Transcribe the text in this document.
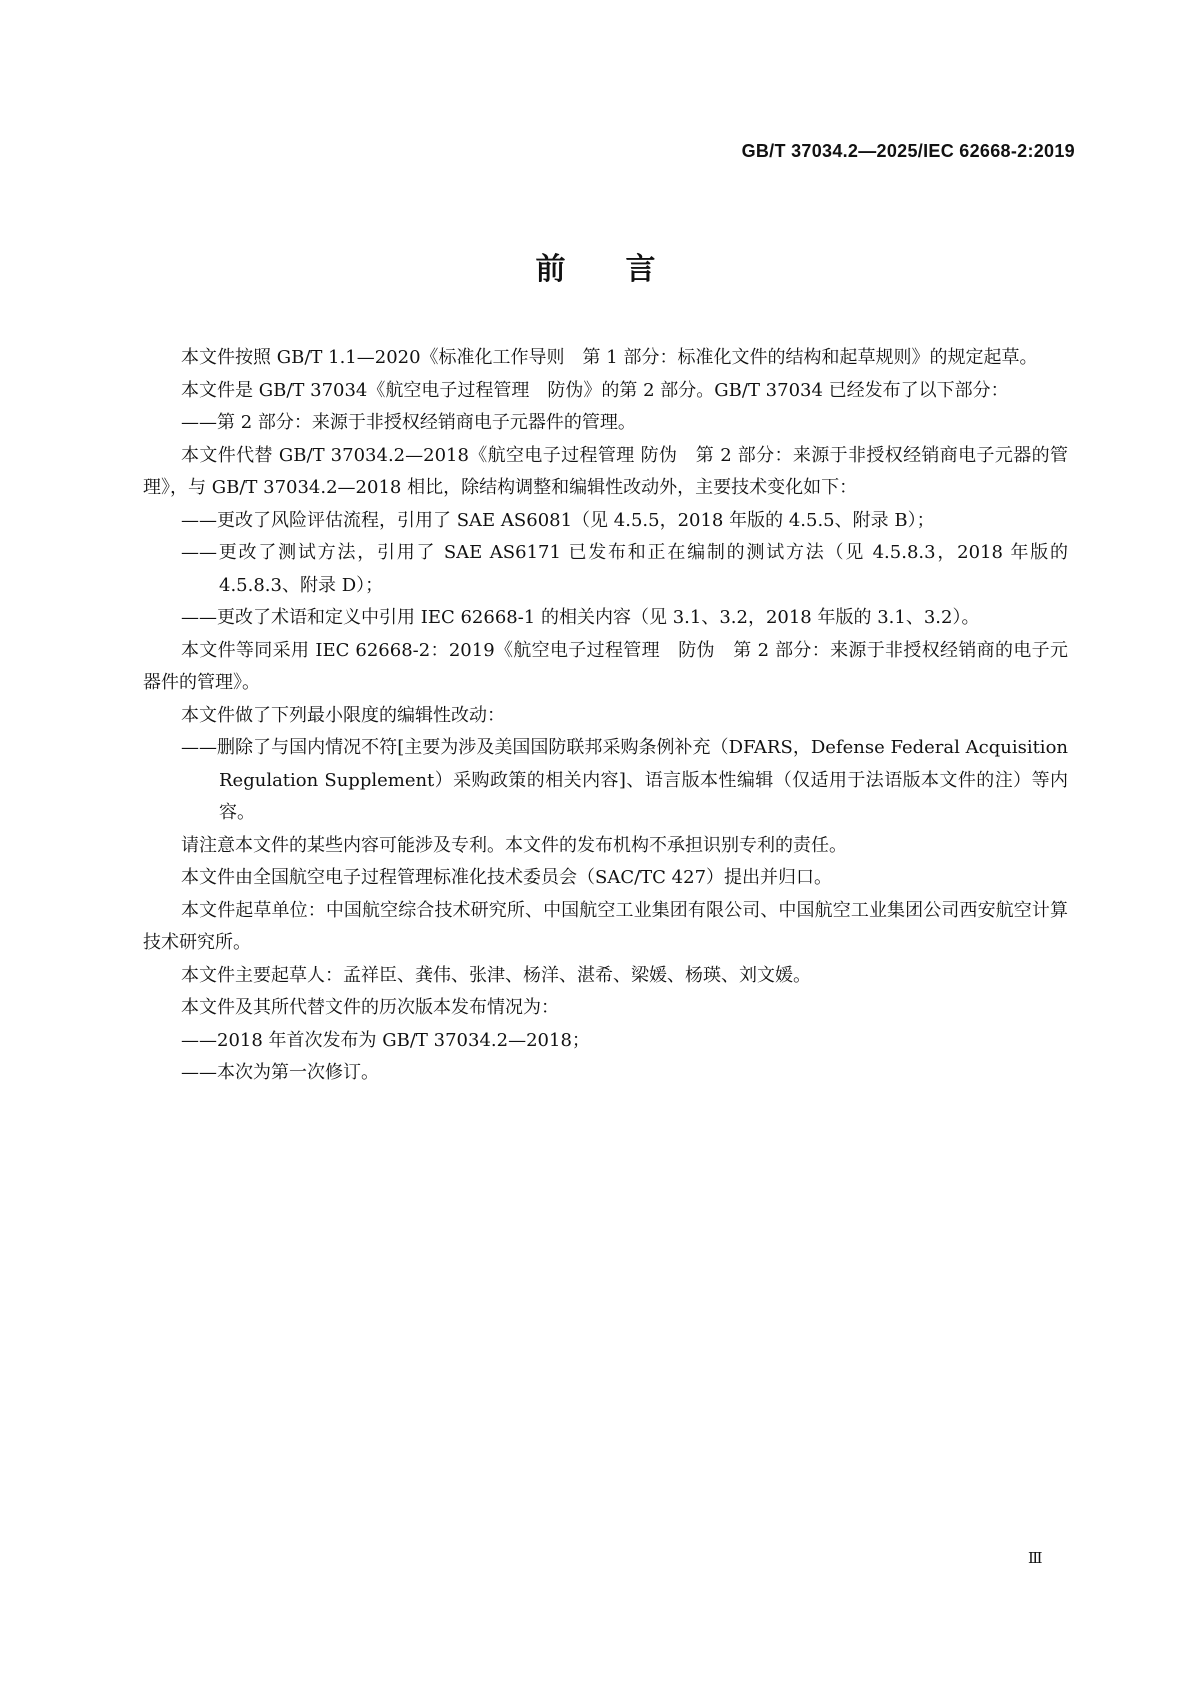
GB/T 37034.2—2025/IEC 62668-2:2019
前言

本文件按照 GB/T 1.1—2020《标准化工作导则　第 1 部分：标准化文件的结构和起草规则》的规定起草。

本文件是 GB/T 37034《航空电子过程管理　防伪》的第 2 部分。GB/T 37034 已经发布了以下部分：

——第 2 部分：来源于非授权经销商电子元器件的管理。

本文件代替 GB/T 37034.2—2018《航空电子过程管理 防伪　第 2 部分：来源于非授权经销商电子元器的管理》，与 GB/T 37034.2—2018 相比，除结构调整和编辑性改动外，主要技术变化如下：

——更改了风险评估流程，引用了 SAE AS6081（见 4.5.5，2018 年版的 4.5.5、附录 B）；

——更改了测试方法，引用了 SAE AS6171 已发布和正在编制的测试方法（见 4.5.8.3，2018 年版的 4.5.8.3、附录 D）；

——更改了术语和定义中引用 IEC 62668-1 的相关内容（见 3.1、3.2，2018 年版的 3.1、3.2）。

本文件等同采用 IEC 62668-2：2019《航空电子过程管理　防伪　第 2 部分：来源于非授权经销商的电子元器件的管理》。

本文件做了下列最小限度的编辑性改动：

——删除了与国内情况不符[主要为涉及美国国防联邦采购条例补充（DFARS，Defense Federal Acquisition Regulation Supplement）采购政策的相关内容]、语言版本性编辑（仅适用于法语版本文件的注）等内容。

请注意本文件的某些内容可能涉及专利。本文件的发布机构不承担识别专利的责任。

本文件由全国航空电子过程管理标准化技术委员会（SAC/TC 427）提出并归口。

本文件起草单位：中国航空综合技术研究所、中国航空工业集团有限公司、中国航空工业集团公司西安航空计算技术研究所。

本文件主要起草人：孟祥臣、龚伟、张津、杨洋、湛希、梁媛、杨瑛、刘文媛。

本文件及其所代替文件的历次版本发布情况为：

——2018 年首次发布为 GB/T 37034.2—2018；

——本次为第一次修订。

Ⅲ
